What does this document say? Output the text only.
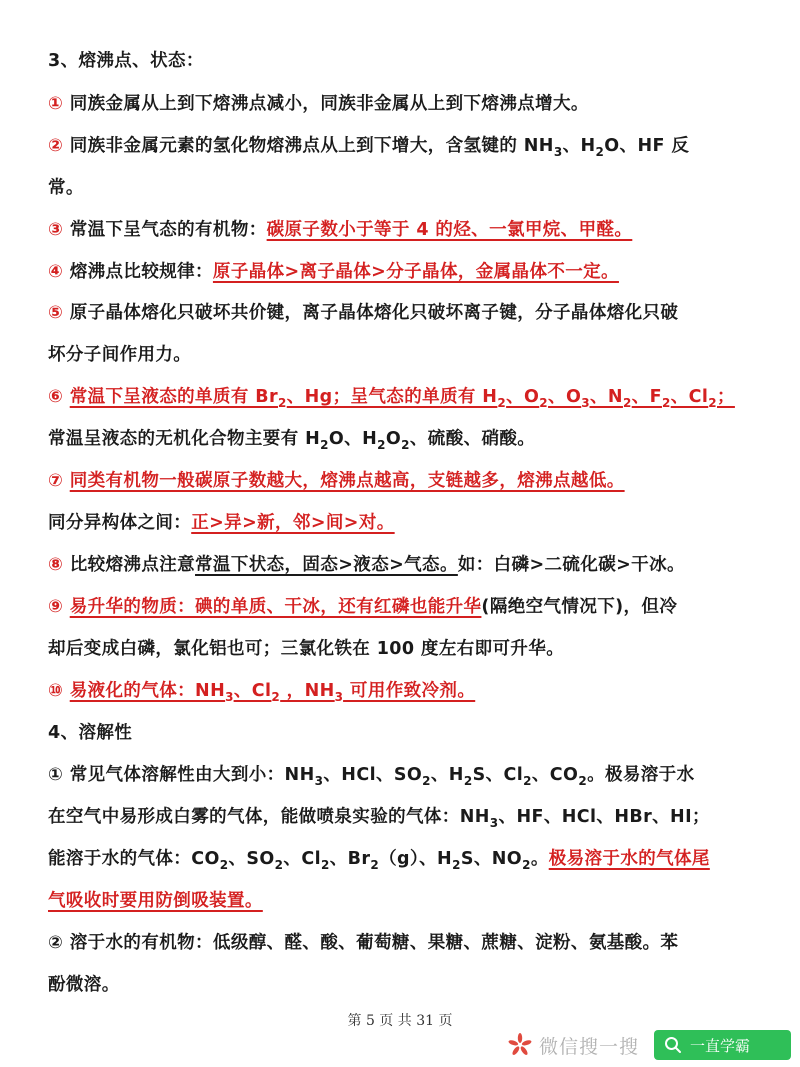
3、熔沸点、状态：
① 同族金属从上到下熔沸点减小，同族非金属从上到下熔沸点增大。
② 同族非金属元素的氢化物熔沸点从上到下增大，含氢键的 $NH_3$、$H_2O$、HF 反
常。
③ 常温下呈气态的有机物：碳原子数小于等于 4 的烃、一氯甲烷、甲醛。
④ 熔沸点比较规律：原子晶体>离子晶体>分子晶体，金属晶体不一定。
⑤ 原子晶体熔化只破坏共价键，离子晶体熔化只破坏离子键，分子晶体熔化只破
坏分子间作用力。
⑥ 常温下呈液态的单质有 $Br_2$、Hg；呈气态的单质有 $H_2$、$O_2$、$O_3$、$N_2$、$F_2$、$Cl_2$；
常温呈液态的无机化合物主要有 $H_2O$、$H_2O_2$、硫酸、硝酸。
⑦ 同类有机物一般碳原子数越大，熔沸点越高，支链越多，熔沸点越低。
同分异构体之间：正>异>新，邻>间>对。
⑧ 比较熔沸点注意常温下状态，固态>液态>气态。如：白磷>二硫化碳>干冰。
⑨ 易升华的物质：碘的单质、干冰，还有红磷也能升华(隔绝空气情况下)，但冷
却后变成白磷，氯化铝也可；三氯化铁在 100 度左右即可升华。
⑩ 易液化的气体：$NH_3$、$Cl_2$ ，$NH_3$ 可用作致冷剂。
4、溶解性
① 常见气体溶解性由大到小：$NH_3$、HCl、$SO_2$、$H_2S$、$Cl_2$、$CO_2$。极易溶于水
在空气中易形成白雾的气体，能做喷泉实验的气体：$NH_3$、HF、HCl、HBr、HI；
能溶于水的气体：$CO_2$、$SO_2$、$Cl_2$、$Br_2(g)$、$H_2S$、$NO_2$。极易溶于水的气体尾
气吸收时要用防倒吸装置。
② 溶于水的有机物：低级醇、醛、酸、葡萄糖、果糖、蔗糖、淀粉、氨基酸。苯
酚微溶。
第 5 页 共 31 页
微信搜一搜	一直学霸
